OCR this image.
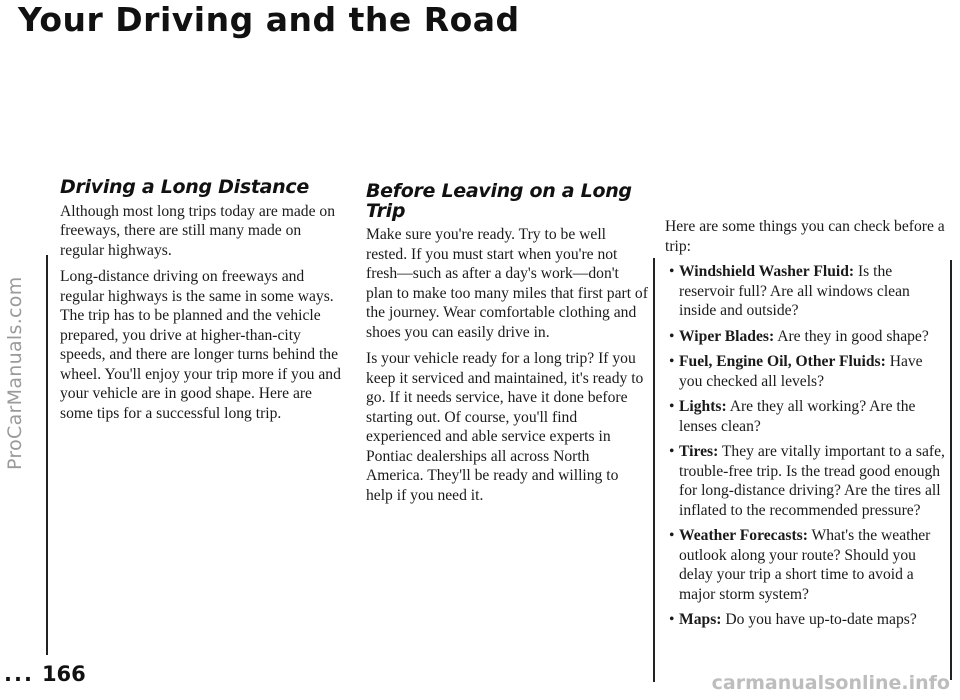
Your Driving and the Road
ProCarManuals.com
Driving a Long Distance

Although most long trips today are made on freeways, there are still many made on regular highways.

Long-distance driving on freeways and regular highways is the same in some ways. The trip has to be planned and the vehicle prepared, you drive at higher-than-city speeds, and there are longer turns behind the wheel. You'll enjoy your trip more if you and your vehicle are in good shape. Here are some tips for a successful long trip.

Before Leaving on a Long Trip

Make sure you're ready. Try to be well rested. If you must start when you're not fresh—such as after a day's work—don't plan to make too many miles that first part of the journey. Wear comfortable clothing and shoes you can easily drive in.

Is your vehicle ready for a long trip? If you keep it serviced and maintained, it's ready to go. If it needs service, have it done before starting out. Of course, you'll find experienced and able service experts in Pontiac dealerships all across North America. They'll be ready and willing to help if you need it.

Here are some things you can check before a trip:

• Windshield Washer Fluid: Is the reservoir full? Are all windows clean inside and outside?
• Wiper Blades: Are they in good shape?
• Fuel, Engine Oil, Other Fluids: Have you checked all levels?
• Lights: Are they all working? Are the lenses clean?
• Tires: They are vitally important to a safe, trouble-free trip. Is the tread good enough for long-distance driving? Are the tires all inflated to the recommended pressure?
• Weather Forecasts: What's the weather outlook along your route? Should you delay your trip a short time to avoid a major storm system?
• Maps: Do you have up-to-date maps?
... 166	carmanualsonline.info
